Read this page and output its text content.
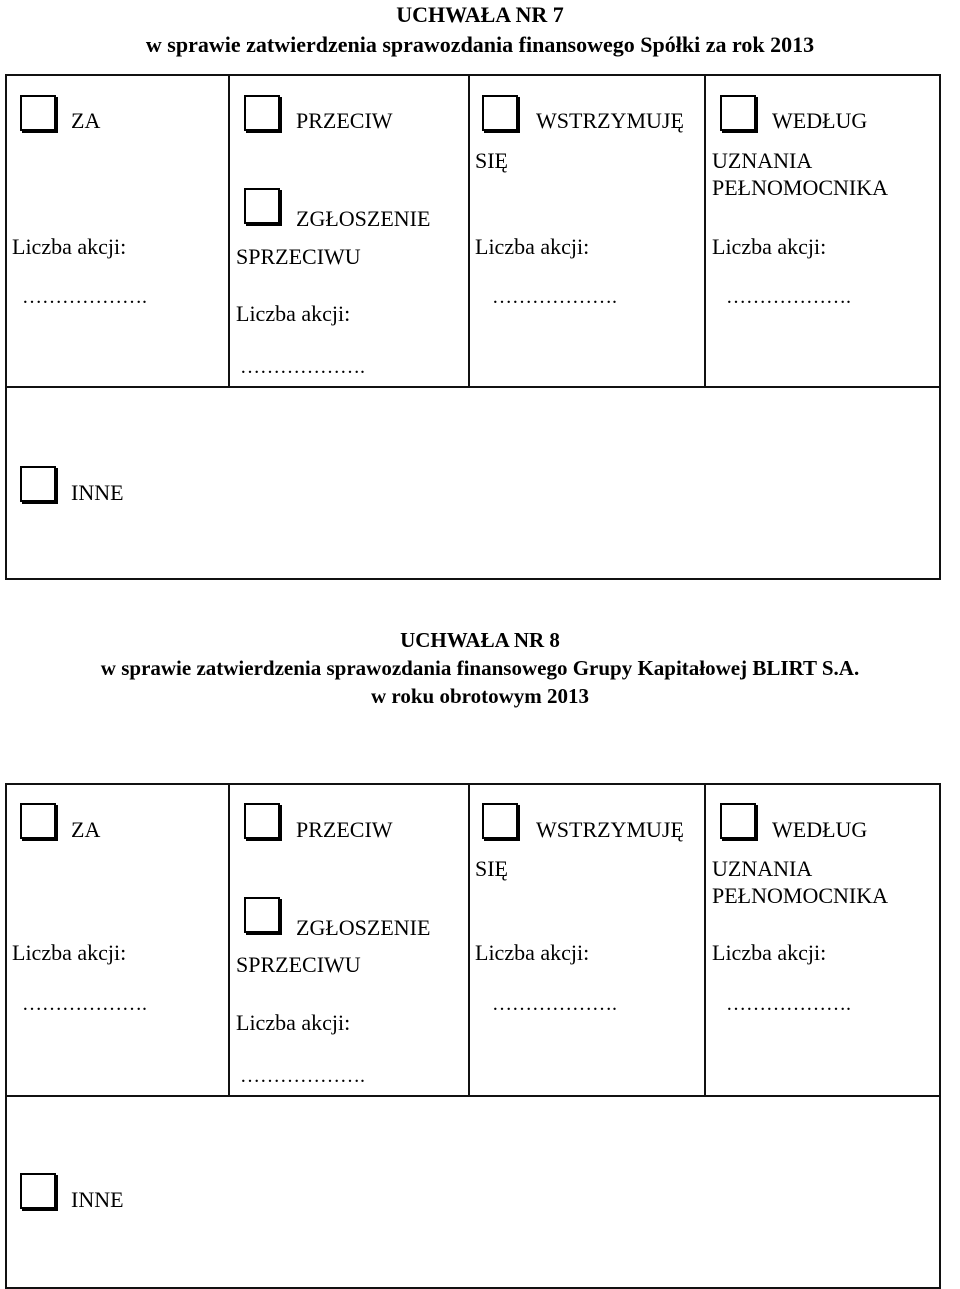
UCHWAŁA NR 7
w sprawie zatwierdzenia sprawozdania finansowego Spółki za rok 2013
ZA
Liczba akcji:
……………….

PRZECIW
ZGŁOSZENIE
SPRZECIWU
Liczba akcji:
……………….

WSTRZYMUJĘ
SIĘ
Liczba akcji:
……………….

WEDŁUG
UZNANIA
PEŁNOMOCNIKA
Liczba akcji:
……………….

INNE
UCHWAŁA NR 8
w sprawie zatwierdzenia sprawozdania finansowego Grupy Kapitałowej BLIRT S.A.
w roku obrotowym 2013
ZA
Liczba akcji:
……………….

PRZECIW
ZGŁOSZENIE
SPRZECIWU
Liczba akcji:
……………….

WSTRZYMUJĘ
SIĘ
Liczba akcji:
……………….

WEDŁUG
UZNANIA
PEŁNOMOCNIKA
Liczba akcji:
……………….

INNE
